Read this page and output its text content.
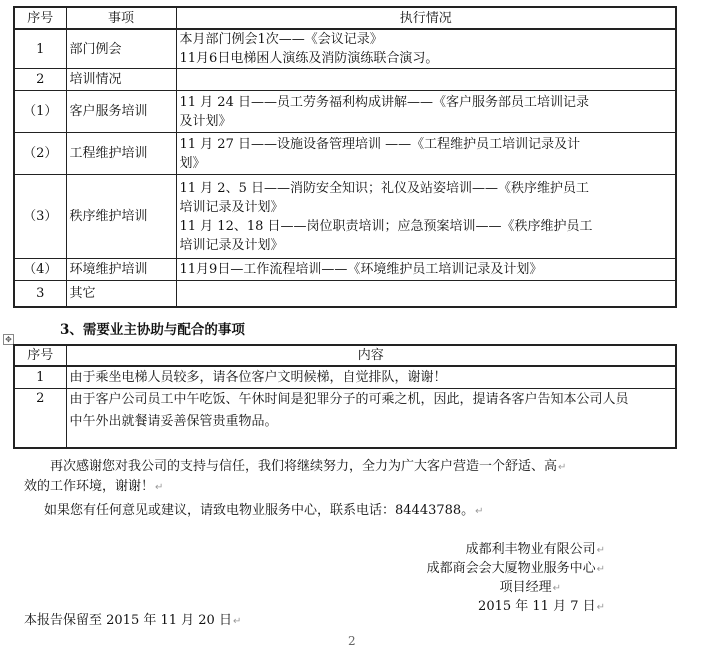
序号	事项	执行情况
1	部门例会	本月部门例会1次——《会议记录》
11月6日电梯困人演练及消防演练联合演习。

2	培训情况	
（1）	客户服务培训	11 月 24 日——员工劳务福利构成讲解——《客户服务部员工培训记录
及计划》

（2）	工程维护培训	11 月 27 日——设施设备管理培训 ——《工程维护员工培训记录及计
划》

（3）	秩序维护培训	11 月 2、5 日——消防安全知识；礼仪及站姿培训——《秩序维护员工
培训记录及计划》
11 月 12、18 日——岗位职责培训；应急预案培训——《秩序维护员工
培训记录及计划》

（4）	环境维护培训	11月9日—工作流程培训——《环境维护员工培训记录及计划》
3	其它	
✥
3、需要业主协助与配合的事项
序号	内容
1	由于乘坐电梯人员较多，请各位客户文明候梯，自觉排队，谢谢！
2	由于客户公司员工中午吃饭、午休时间是犯罪分子的可乘之机，因此，提请各客户告知本公司人员
中午外出就餐请妥善保管贵重物品。
再次感谢您对我公司的支持与信任，我们将继续努力，全力为广大客户营造一个舒适、高↵
效的工作环境，谢谢！↵
如果您有任何意见或建议，请致电物业服务中心，联系电话：84443788。↵
成都利丰物业有限公司↵
成都商会会大厦物业服务中心↵
项目经理↵
2015 年 11 月 7 日↵
本报告保留至 2015 年 11 月 20 日↵
2
